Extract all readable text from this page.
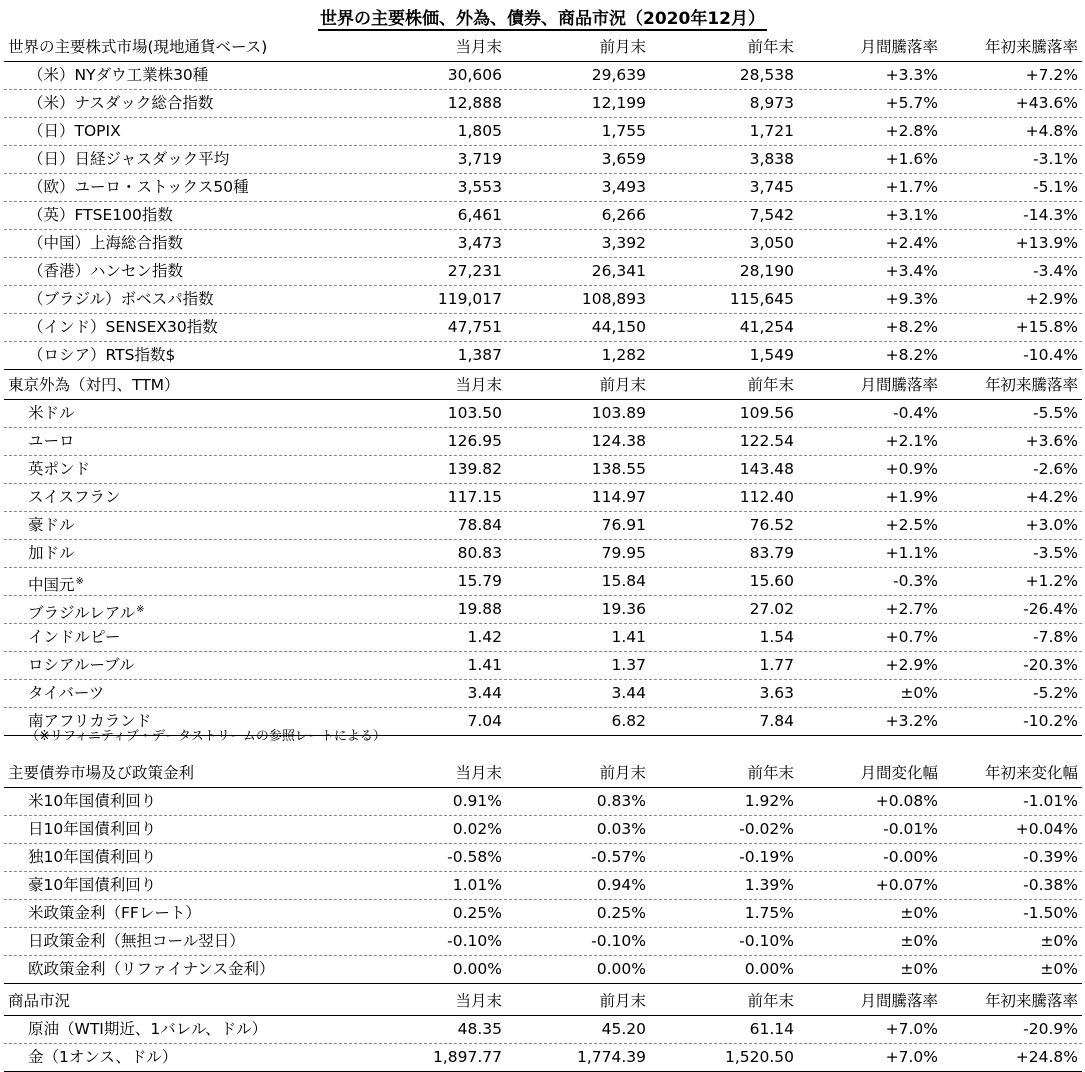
世界の主要株価、外為、債券、商品市況（2020年12月）
世界の主要株式市場(現地通貨ベース)	当月末	前月末	前年末	月間騰落率	年初来騰落率
（米）NYダウ工業株30種	30,606	29,639	28,538	+3.3%	+7.2%
（米）ナスダック総合指数	12,888	12,199	8,973	+5.7%	+43.6%
（日）TOPIX	1,805	1,755	1,721	+2.8%	+4.8%
（日）日経ジャスダック平均	3,719	3,659	3,838	+1.6%	-3.1%
（欧）ユーロ・ストックス50種	3,553	3,493	3,745	+1.7%	-5.1%
（英）FTSE100指数	6,461	6,266	7,542	+3.1%	-14.3%
（中国）上海総合指数	3,473	3,392	3,050	+2.4%	+13.9%
（香港）ハンセン指数	27,231	26,341	28,190	+3.4%	-3.4%
（ブラジル）ボベスパ指数	119,017	108,893	115,645	+9.3%	+2.9%
（インド）SENSEX30指数	47,751	44,150	41,254	+8.2%	+15.8%
（ロシア）RTS指数$	1,387	1,282	1,549	+8.2%	-10.4%
東京外為（対円、TTM）	当月末	前月末	前年末	月間騰落率	年初来騰落率
米ドル	103.50	103.89	109.56	-0.4%	-5.5%
ユーロ	126.95	124.38	122.54	+2.1%	+3.6%
英ポンド	139.82	138.55	143.48	+0.9%	-2.6%
スイスフラン	117.15	114.97	112.40	+1.9%	+4.2%
豪ドル	78.84	76.91	76.52	+2.5%	+3.0%
加ドル	80.83	79.95	83.79	+1.1%	-3.5%
中国元※	15.79	15.84	15.60	-0.3%	+1.2%
ブラジルレアル※	19.88	19.36	27.02	+2.7%	-26.4%
インドルピー	1.42	1.41	1.54	+0.7%	-7.8%
ロシアルーブル	1.41	1.37	1.77	+2.9%	-20.3%
タイバーツ	3.44	3.44	3.63	±0%	-5.2%
南アフリカランド	7.04	6.82	7.84	+3.2%	-10.2%
（※リフィニティブ・データストリームの参照レートによる）
主要債券市場及び政策金利	当月末	前月末	前年末	月間変化幅	年初来変化幅
米10年国債利回り	0.91%	0.83%	1.92%	+0.08%	-1.01%
日10年国債利回り	0.02%	0.03%	-0.02%	-0.01%	+0.04%
独10年国債利回り	-0.58%	-0.57%	-0.19%	-0.00%	-0.39%
豪10年国債利回り	1.01%	0.94%	1.39%	+0.07%	-0.38%
米政策金利（FFレート）	0.25%	0.25%	1.75%	±0%	-1.50%
日政策金利（無担コール翌日）	-0.10%	-0.10%	-0.10%	±0%	±0%
欧政策金利（リファイナンス金利）	0.00%	0.00%	0.00%	±0%	±0%
商品市況	当月末	前月末	前年末	月間騰落率	年初来騰落率
原油（WTI期近、1バレル、ドル）	48.35	45.20	61.14	+7.0%	-20.9%
金（1オンス、ドル）	1,897.77	1,774.39	1,520.50	+7.0%	+24.8%
